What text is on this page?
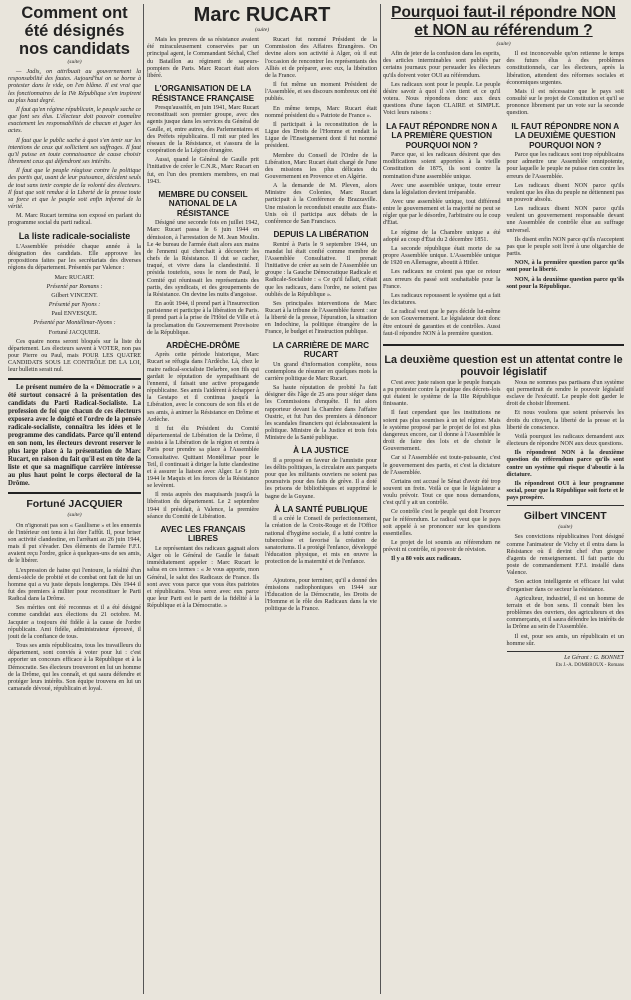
Comment ont été désignés nos candidats
(suite)

— Jadis, on attribuait au gouvernement la responsabilité des fautes. Aujourd'hui on se borne à protester dans le vide, on l'en blâme. Il est vrai que les fonctionnaires de la IVe République s'en inspirent au plus haut degré.

Il faut qu'en régime républicain, le peuple sache ce que font ses élus. L'électeur doit pouvoir connaître exactement les responsabilités de chacun et juger les actes.

Il faut que le public sache à quoi s'en tenir sur les intentions de ceux qui sollicitent ses suffrages. Il faut qu'il puisse en toute connaissance de cause choisir librement ceux qui défendront ses intérêts.

Il faut que le peuple réagisse contre la politique des partis qui, usant de leur puissance, décident seuls de tout sans tenir compte de la volonté des électeurs. Il faut que soit rendue à la Liberté de la presse toute sa force et que le peuple soit enfin informé de la vérité.

M. Marc Rucart termina son exposé en parlant du programme social du parti radical.

La liste radicale-socialiste

L'Assemblée présidée chaque année à la désignation des candidats. Elle approuve les propositions faites par les secrétariats des diverses régions du département. Présentés par Valence :

Marc RUCART.

Présenté par Romans :

Gilbert VINCENT.

Présenté par Nyons :

Paul ENVESQUE.

Présenté par Montélimar-Nyons :

Fortuné JACQUIER.

Ces quatre noms seront bloqués sur la liste du département. Les électeurs savent à VOTER, non pas pour Pierre ou Paul, mais POUR LES QUATRE CANDIDATS SOUS LE CONTRÔLE DE LA LOI, leur bulletin serait nul.

Le présent numéro de la « Démocratie » a été surtout consacré à la présentation des candidats du Parti Radical-Socialiste. La profession de foi que chacun de ces électeurs exposera avec le doigté et l'ordre de la pensée radicale-socialiste, connaîtra les idées et le programme des candidats. Parce qu'il entend en son nom, les électeurs devront reserver le plus large place à la présentation de Marc Rucart, en raison du fait qu'il est en tête de la liste et que sa magnifique carrière intéresse au plus haut point le corps électoral de la Drôme.

Fortuné JACQUIER
(suite)

On n'ignorait pas son « Gaullisme » et les ennemis de l'intérieur ont tenu à lui ôter l'affût. Il, pour briser son activité clandestine, en l'arrêtant au 26 juin 1944, mais il put s'évader. Des éléments de l'armée F.F.I. avaient reçu l'ordre, grâce à quelques-uns de ses amis, de le libérer.

L'expression de haine qui l'entoure, la réalité d'un demi-siècle de probité et de combat ont fait de lui un homme qui a vu juste depuis longtemps. Dès 1944 il fut des premiers à militer pour reconstituer le Parti Radical dans la Drôme.

Ses mérites ont été reconnus et il a été désigné comme candidat aux élections du 21 octobre. M. Jacquier a toujours été fidèle à la cause de l'ordre républicain. Ami fidèle, administrateur éprouvé, il jouit de la confiance de tous.

Tous ses amis républicains, tous les travailleurs du département, sont conviés à voter pour lui : c'est apporter un concours efficace à la République et à la Démocratie. Ses électeurs trouveront en lui un homme de la Drôme, qui les connaît, et qui saura défendre et protéger leurs intérêts. Son équipe trouvera en lui un camarade dévoué, républicain et loyal.

Marc RUCART
(suite)

Mais les preuves de sa résistance avaient été miraculeusement conservées par un principal agent, le Commandant Séchal, Chef du Bataillon au régiment de sapeurs-pompiers de Paris. Marc Rucart était alors libéré.

L'ORGANISATION DE LA RÉSISTANCE FRANÇAISE

Presqu'aussitôt, en juin 1941, Marc Rucart reconstituait son premier groupe, avec des agents jusque dans les services du Général de Gaulle, et, entre autres, des Parlementaires et des Préfets républicains. Il mit sur pied les réseaux de la Résistance, et s'assura de la coopération de la Légion étrangère.

Aussi, quand le Général de Gaulle prit l'initiative de créer le C.N.R., Marc Rucart en fut, en l'un des premiers membres, en mai 1943.

MEMBRE DU CONSEIL NATIONAL DE LA RÉSISTANCE

Désigné une seconde fois en juillet 1942, Marc Rucart passa le 6 juin 1944 en démission, à l'arrestation de M. Jean Moulin. Le 4e bureau de l'armée était alors aux mains de l'ennemi qui cherchait à découvrir les chefs de la Résistance. Il dut se cacher, traqué, et vivre dans la clandestinité. Il présida toutefois, sous le nom de Paul, le Comité qui réunissait les représentants des partis, des syndicats, et des groupements de la Résistance. On devine les nuits d'angoisse.

En août 1944, il prend part à l'insurrection parisienne et participe à la libération de Paris. Il prend part à la prise de l'Hôtel de Ville et à la proclamation du Gouvernement Provisoire de la République.

ARDÈCHE-DRÔME

Après cette période historique, Marc Rucart se réfugia dans l'Ardèche. Là, chez le maire radical-socialiste Delarbre, son fils qui gardait le réputation de sympathisant de l'ennemi, il faisait une active propagande républicaine. Ses amis l'aidèrent à échapper à la Gestapo et il continua jusqu'à la Libération, avec le concours de son fils et de ses amis, à animer la Résistance en Drôme et Ardèche.

Il fut élu Président du Comité départemental de Libération de la Drôme, il assista à la Libération de la région et rentra à Paris pour prendre sa place à l'Assemblée Consultative. Quittant Montélimar pour le Teil, il continuait à diriger la lutte clandestine et à assurer la liaison avec Alger. Le 6 juin 1944 le Maquis et les forces de la Résistance se levèrent.

Il resta auprès des maquisards jusqu'à la libération du département. Le 2 septembre 1944 il présidait, à Valence, la première séance du Comité de Libération.

AVEC LES FRANÇAIS LIBRES

Le représentant des radicaux gagnait alors Alger où le Général de Gaulle le faisait immédiatement appeler : Marc Rucart le salua en ces termes : « Je vous apporte, mon Général, le salut des Radicaux de France. Ils sont avec vous parce que vous êtes patriotes et républicains. Vous serez avec eux parce que leur Parti est le parti de la fidélité à la République et à la Démocratie. »

Rucart fut nommé Président de la Commission des Affaires Étrangères. On devine alors son activité à Alger, où il eut l'occasion de rencontrer les représentants des Alliés et de préparer, avec eux, la libération de la France.

Il fut même un moment Président de l'Assemblée, et ses discours nombreux ont été publiés.

En même temps, Marc Rucart était nommé président du « Patriote de France ».

Il participait à la reconstitution de la Ligue des Droits de l'Homme et rendait la Ligue de l'Enseignement dont il fut nommé président.

Membre du Conseil de l'Ordre de la Libération, Marc Rucart était chargé de l'une des missions les plus délicates du Gouvernement en Provence et en Algérie.

A la demande de M. Pleven, alors Ministre des Colonies, Marc Rucart participait à la Conférence de Brazzaville. Une mission le reconduisit ensuite aux États-Unis où il participa aux débats de la conférence de San Francisco.

DEPUIS LA LIBÉRATION

Rentré à Paris le 9 septembre 1944, un mandat lui était confié comme membre de l'Assemblée Consultative. Il prenait l'initiative de créer au sein de l'Assemblée un groupe : la Gauche Démocratique Radicale et Radicale-Socialiste : « Ce qu'il fallait, c'était que les radicaux, dans l'ordre, ne soient pas oubliés de la République ».

Ses principales interventions de Marc Rucart à la tribune de l'Assemblée furent : sur la liberté de la presse, l'épuration, la situation en Indochine, la politique étrangère de la France, le budget et l'instruction publique.

LA CARRIÈRE DE MARC RUCART

Un grand d'information complète, nous contemplons de résumer en quelques mots la carrière politique de Marc Rucart.

Sa haute réputation de probité l'a fait désigner dès l'âge de 25 ans pour siéger dans les Commissions d'enquête. Il fut alors rapporteur devant la Chambre dans l'affaire Oustric, et fut l'un des premiers à dénoncer les scandales financiers qui éclaboussaient la politique. Ministre de la Justice et trois fois Ministre de la Santé publique.

À LA JUSTICE

Il a proposé en faveur de l'amnistie pour les délits politiques, la circulaire aux parquets pour que les militants ouvriers ne soient pas poursuivis pour des faits de grève. Il a doté les prisons de bibliothèques et supprimé le bagne de la Guyane.

À LA SANTÉ PUBLIQUE

Il a créé le Conseil de perfectionnement, la création de la Croix-Rouge et de l'Office national d'hygiène sociale, il a lutté contre la tuberculose et favorisé la création de sanatoriums. Il a protégé l'enfance, développé l'éducation physique, et mis en œuvre la protection de la maternité et de l'enfance.

*

Ajoutons, pour terminer, qu'il a donné des émissions radiophoniques en 1944 sur l'Éducation de la Démocratie, les Droits de l'Homme et le rôle des Radicaux dans la vie politique de la France.

Pourquoi faut-il répondre NON et NON au référendum ?
(suite)

Afin de jeter de la confusion dans les esprits, des articles interminables sont publiés par certains journaux pour persuader les électeurs qu'ils doivent voter OUI au référendum.

Les radicaux sont pour le peuple. Le peuple désire savoir à quoi il s'en tient et ce qu'il votera. Nous répondons donc aux deux questions d'une façon CLAIRE et SIMPLE. Voici leurs raisons :

LA FAUT RÉPONDRE NON A LA PREMIÈRE QUESTION POURQUOI NON ?

Parce que, si les radicaux désirent que des modifications soient apportées à la vieille Constitution de 1875, ils sont contre la nomination d'une assemblée unique.

Avec une assemblée unique, toute erreur dans la législation devient irréparable.

Avec une assemblée unique, tout différend entre le gouvernement et la majorité ne peut se régler que par le désordre, l'arbitraire ou le coup d'État.

Le régime de la Chambre unique a été adopté au coup d'État du 2 décembre 1851.

La seconde république était morte de sa propre Assemblée unique. L'Assemblée unique de 1920 en Allemagne, aboutit à Hitler.

Les radicaux ne croient pas que ce retour aux erreurs du passé soit souhaitable pour la France.

Les radicaux repoussent le système qui a fait les dictatures.

Le radical veut que le pays décide lui-même de son Gouvernement. Le législateur doit donc être entouré de garanties et de contrôles. Aussi faut-il répondre NON à la première question.

Il est inconcevable qu'on retienne le temps des futurs élus à des problèmes constitutionnels, car les électeurs, après la libération, attendent des réformes sociales et économiques urgentes.

Mais il est nécessaire que le pays soit consulté sur le projet de Constitution et qu'il se prononce librement par un vote sur la seconde question.

IL FAUT RÉPONDRE NON A LA DEUXIÈME QUESTION POURQUOI NON ?

Parce que les radicaux sont trop républicains pour admettre une Assemblée omnipotente, pour laquelle le peuple ne puisse rien contre les erreurs de l'Assemblée.

Les radicaux disent NON parce qu'ils veulent que les élus du peuple ne détiennent pas un pouvoir absolu.

Les radicaux disent NON parce qu'ils veulent un gouvernement responsable devant une Assemblée de contrôle élue au suffrage universel.

Ils disent enfin NON parce qu'ils n'acceptent pas que le peuple soit livré à une oligarchie de partis.

NON, à la première question parce qu'ils sont pour la liberté.

NON, à la deuxième question parce qu'ils sont pour la République.

La deuxième question est un attentat contre le pouvoir législatif

C'est avec juste raison que le peuple français a pu protester contre la pratique des décrets-lois qui étaient le système de la IIIe République finissante.

Il faut cependant que les institutions ne soient pas plus soumises à un tel régime. Mais le système proposé par le projet de loi est plus dangereux encore, car il donne à l'Assemblée le droit de faire des lois et de choisir le Gouvernement.

Car si l'Assemblée est toute-puissante, c'est le gouvernement des partis, et c'est la dictature de l'Assemblée.

Certains ont accusé le Sénat d'avoir été trop souvent un frein. Voilà ce que le législateur a voulu prévoir. Tout ce que nous demandons, c'est qu'il y ait un contrôle.

Ce contrôle c'est le peuple qui doit l'exercer par le référendum. Le radical veut que le pays soit appelé à se prononcer sur les questions essentielles.

Le projet de loi soumis au référendum ne prévoit ni contrôle, ni pouvoir de révision.

Il y a 80 voix aux radicaux.

Nous ne sommes pas partisans d'un système qui permettrait de rendre le pouvoir législatif esclave de l'exécutif. Le peuple doit garder le droit de choisir librement.

Et nous voulons que soient préservés les droits du citoyen, la liberté de la presse et la liberté de conscience.

Voilà pourquoi les radicaux demandent aux électeurs de répondre NON aux deux questions.

Ils répondront NON à la deuxième question du référendum parce qu'ils sont contre un système qui risque d'aboutir à la dictature.

Ils répondront OUI à leur programme social, pour que la République soit forte et le pays prospère.

Gilbert VINCENT
(suite)

Ses convictions républicaines l'ont désigné comme l'animateur de Vichy et il entra dans la Résistance où il devint chef d'un groupe d'agents de renseignement. Il fait partie du poste de commandement F.F.I. installé dans Valence.

Son action intelligente et efficace lui valut d'organiser dans ce secteur la résistance.

Agriculteur, industriel, il est un homme de terrain et de bon sens. Il connaît bien les problèmes des ouvriers, des agriculteurs et des commerçants, et il saura défendre les intérêts de la Drôme au sein de l'Assemblée.

Il est, pour ses amis, un républicain et un homme sûr.

Le Gérant : G. BONNET
Ets J.-A. DOMBROUX - Romans
